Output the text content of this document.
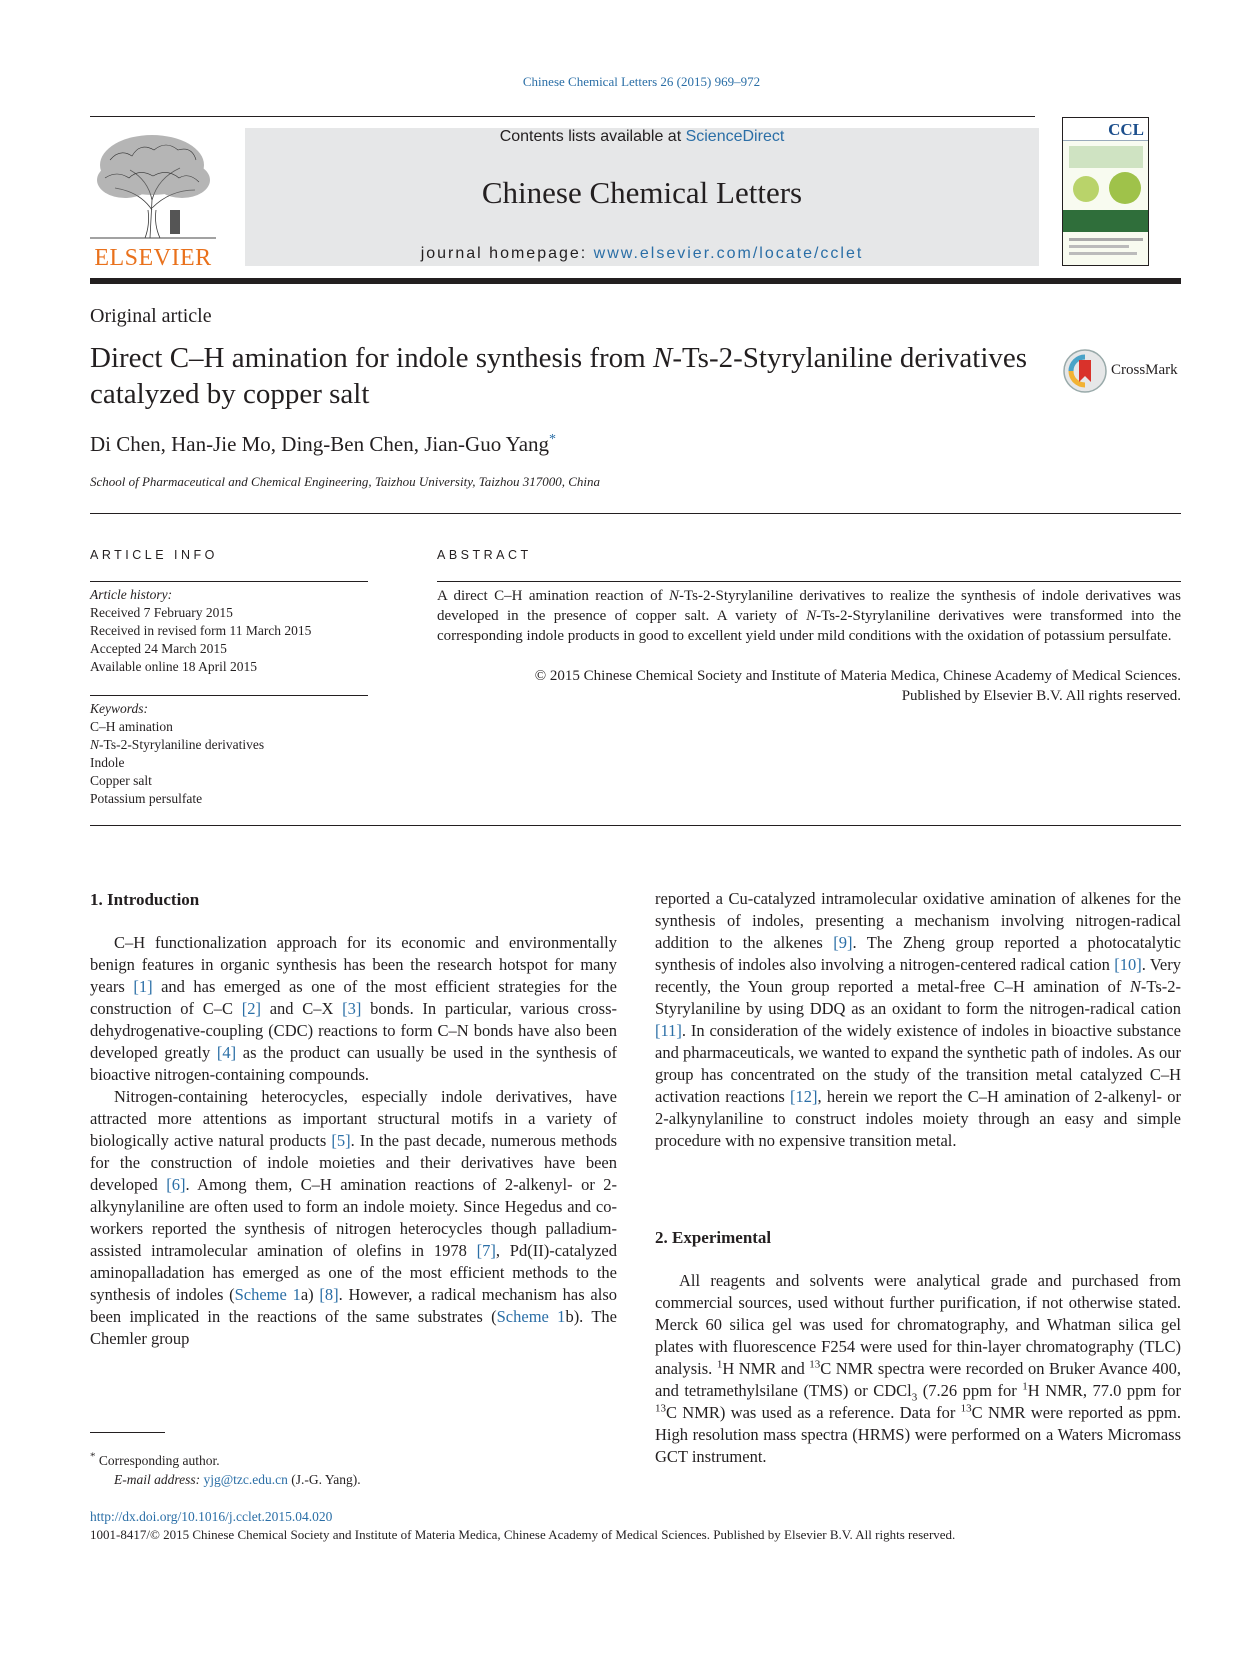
Chinese Chemical Letters 26 (2015) 969–972
ELSEVIER
Contents lists available at ScienceDirect
Chinese Chemical Letters
journal homepage: www.elsevier.com/locate/cclet
CCL
Original article
Direct C–H amination for indole synthesis from N-Ts-2-Styrylaniline derivatives catalyzed by copper salt
CrossMark
Di Chen, Han-Jie Mo, Ding-Ben Chen, Jian-Guo Yang*
School of Pharmaceutical and Chemical Engineering, Taizhou University, Taizhou 317000, China
ARTICLE INFO
Article history:
Received 7 February 2015
Received in revised form 11 March 2015
Accepted 24 March 2015
Available online 18 April 2015
Keywords:
C–H amination
N-Ts-2-Styrylaniline derivatives
Indole
Copper salt
Potassium persulfate
ABSTRACT
A direct C–H amination reaction of N-Ts-2-Styrylaniline derivatives to realize the synthesis of indole derivatives was developed in the presence of copper salt. A variety of N-Ts-2-Styrylaniline derivatives were transformed into the corresponding indole products in good to excellent yield under mild conditions with the oxidation of potassium persulfate.
© 2015 Chinese Chemical Society and Institute of Materia Medica, Chinese Academy of Medical Sciences.
Published by Elsevier B.V. All rights reserved.
1. Introduction

C–H functionalization approach for its economic and environmentally benign features in organic synthesis has been the research hotspot for many years [1] and has emerged as one of the most efficient strategies for the construction of C–C [2] and C–X [3] bonds. In particular, various cross-dehydrogenative-coupling (CDC) reactions to form C–N bonds have also been developed greatly [4] as the product can usually be used in the synthesis of bioactive nitrogen-containing compounds.

Nitrogen-containing heterocycles, especially indole derivatives, have attracted more attentions as important structural motifs in a variety of biologically active natural products [5]. In the past decade, numerous methods for the construction of indole moieties and their derivatives have been developed [6]. Among them, C–H amination reactions of 2-alkenyl- or 2-alkynylaniline are often used to form an indole moiety. Since Hegedus and co-workers reported the synthesis of nitrogen heterocycles though palladium-assisted intramolecular amination of olefins in 1978 [7], Pd(II)-catalyzed aminopalladation has emerged as one of the most efficient methods to the synthesis of indoles (Scheme 1a) [8]. However, a radical mechanism has also been implicated in the reactions of the same substrates (Scheme 1b). The Chemler group

reported a Cu-catalyzed intramolecular oxidative amination of alkenes for the synthesis of indoles, presenting a mechanism involving nitrogen-radical addition to the alkenes [9]. The Zheng group reported a photocatalytic synthesis of indoles also involving a nitrogen-centered radical cation [10]. Very recently, the Youn group reported a metal-free C–H amination of N-Ts-2-Styrylaniline by using DDQ as an oxidant to form the nitrogen-radical cation [11]. In consideration of the widely existence of indoles in bioactive substance and pharmaceuticals, we wanted to expand the synthetic path of indoles. As our group has concentrated on the study of the transition metal catalyzed C–H activation reactions [12], herein we report the C–H amination of 2-alkenyl- or 2-alkynylaniline to construct indoles moiety through an easy and simple procedure with no expensive transition metal.

2. Experimental

All reagents and solvents were analytical grade and purchased from commercial sources, used without further purification, if not otherwise stated. Merck 60 silica gel was used for chromatography, and Whatman silica gel plates with fluorescence F254 were used for thin-layer chromatography (TLC) analysis. $^1$H NMR and $^{13}$C NMR spectra were recorded on Bruker Avance 400, and tetramethylsilane (TMS) or CDCl$_3$ (7.26 ppm for $^1$H NMR, 77.0 ppm for $^{13}$C NMR) was used as a reference. Data for $^{13}$C NMR were reported as ppm. High resolution mass spectra (HRMS) were performed on a Waters Micromass GCT instrument.

* Corresponding author.
E-mail address: yjg@tzc.edu.cn (J.-G. Yang).
http://dx.doi.org/10.1016/j.cclet.2015.04.020
1001-8417/© 2015 Chinese Chemical Society and Institute of Materia Medica, Chinese Academy of Medical Sciences. Published by Elsevier B.V. All rights reserved.
